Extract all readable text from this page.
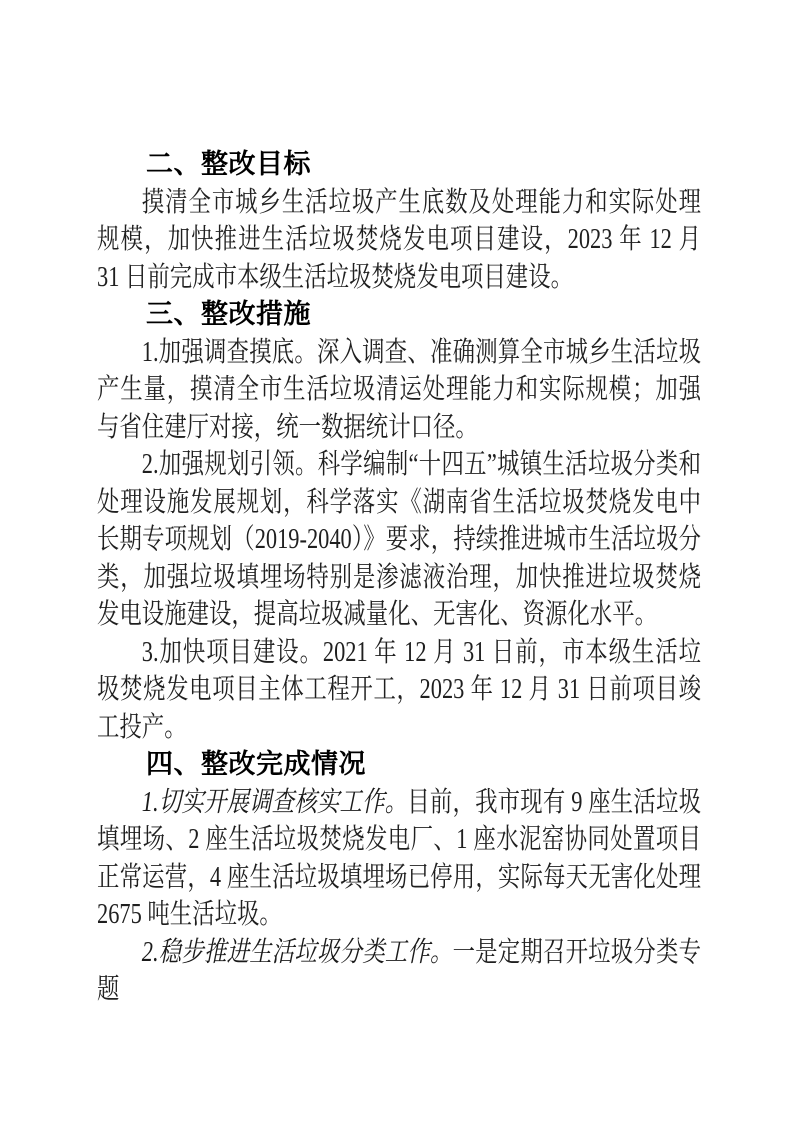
二、整改目标

摸清全市城乡生活垃圾产生底数及处理能力和实际处理规模，加快推进生活垃圾焚烧发电项目建设，2023 年 12 月 31 日前完成市本级生活垃圾焚烧发电项目建设。

三、整改措施

1.加强调查摸底。深入调查、准确测算全市城乡生活垃圾产生量，摸清全市生活垃圾清运处理能力和实际规模；加强与省住建厅对接，统一数据统计口径。

2.加强规划引领。科学编制“十四五”城镇生活垃圾分类和处理设施发展规划，科学落实《湖南省生活垃圾焚烧发电中长期专项规划（2019-2040）》要求，持续推进城市生活垃圾分类，加强垃圾填埋场特别是渗滤液治理，加快推进垃圾焚烧发电设施建设，提高垃圾减量化、无害化、资源化水平。

3.加快项目建设。2021 年 12 月 31 日前，市本级生活垃圾焚烧发电项目主体工程开工，2023 年 12 月 31 日前项目竣工投产。

四、整改完成情况

1.切实开展调查核实工作。目前，我市现有 9 座生活垃圾填埋场、2 座生活垃圾焚烧发电厂、1 座水泥窑协同处置项目正常运营，4 座生活垃圾填埋场已停用，实际每天无害化处理 2675 吨生活垃圾。

2.稳步推进生活垃圾分类工作。一是定期召开垃圾分类专题
